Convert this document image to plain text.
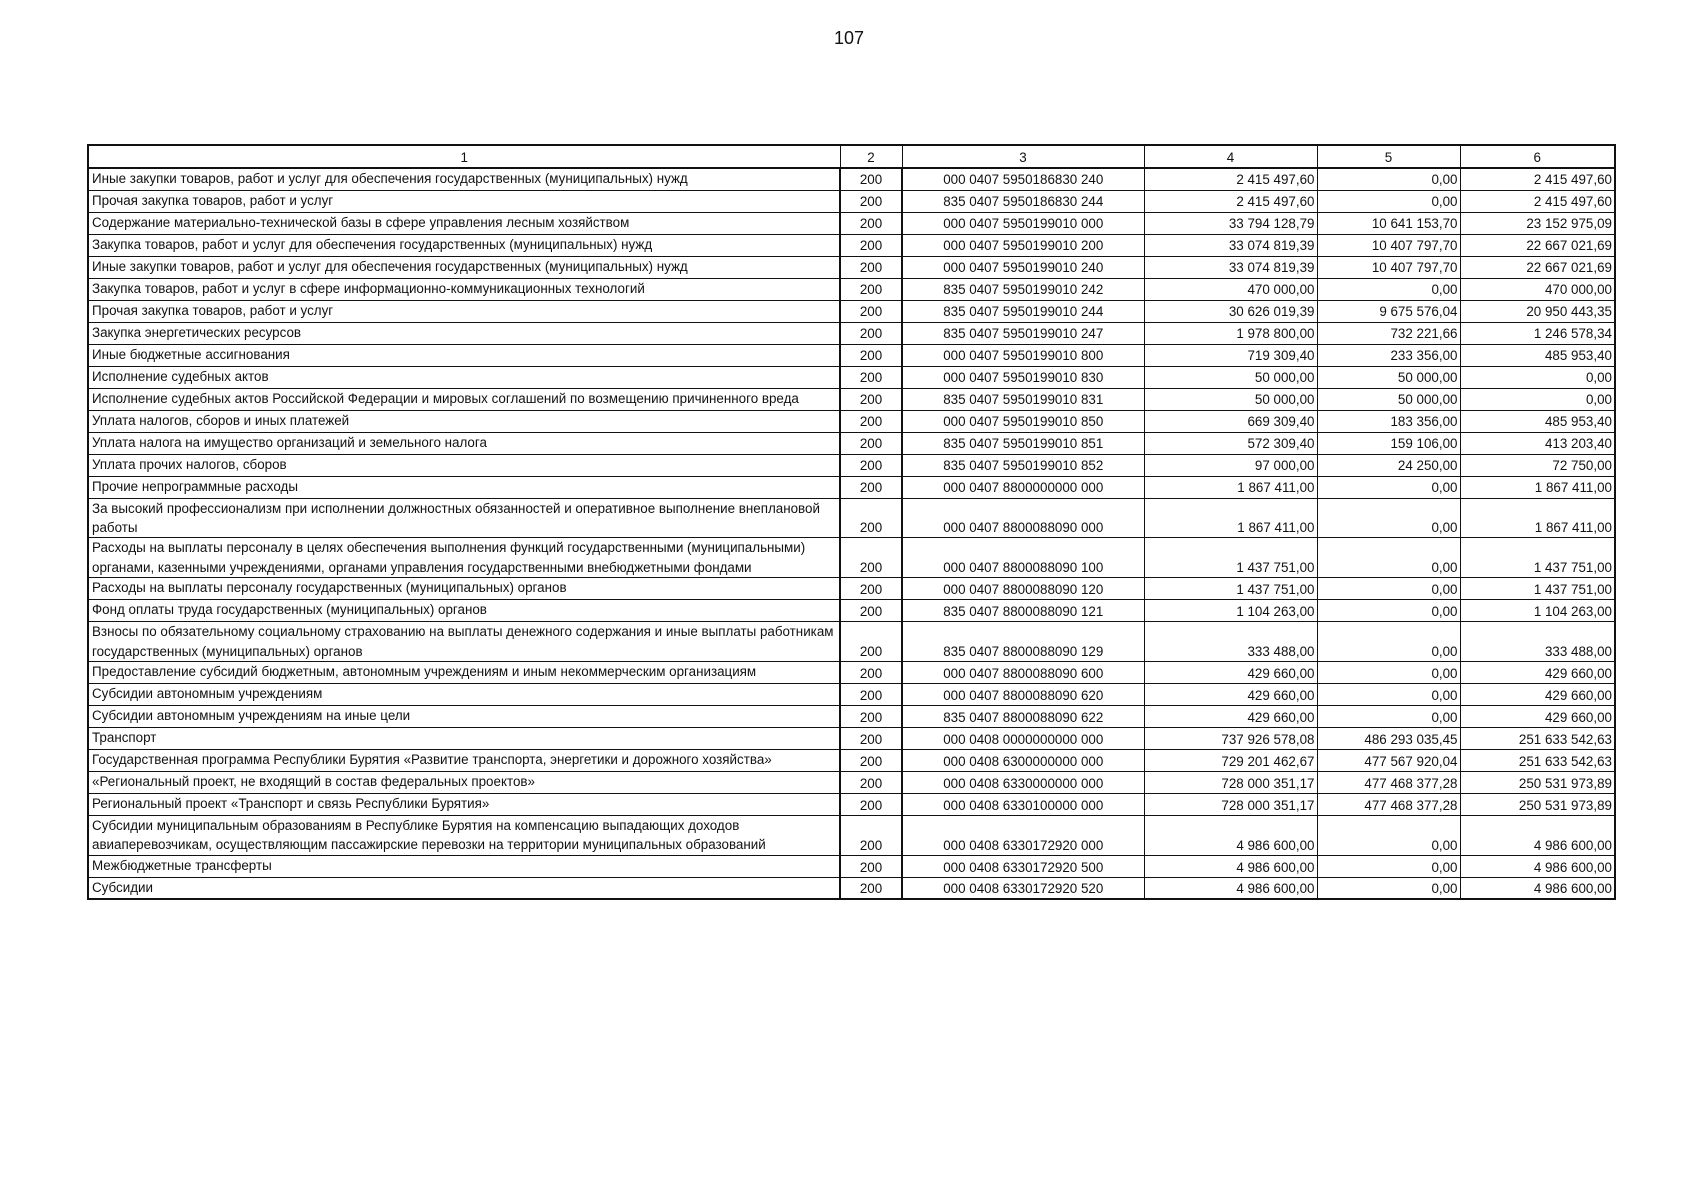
107
1	2	3	4	5	6
Иные закупки товаров, работ и услуг для обеспечения государственных (муниципальных) нужд	200	000 0407 5950186830 240	2 415 497,60	0,00	2 415 497,60
Прочая закупка товаров, работ и услуг	200	835 0407 5950186830 244	2 415 497,60	0,00	2 415 497,60
Содержание материально-технической базы в сфере управления лесным хозяйством	200	000 0407 5950199010 000	33 794 128,79	10 641 153,70	23 152 975,09
Закупка товаров, работ и услуг для обеспечения государственных (муниципальных) нужд	200	000 0407 5950199010 200	33 074 819,39	10 407 797,70	22 667 021,69
Иные закупки товаров, работ и услуг для обеспечения государственных (муниципальных) нужд	200	000 0407 5950199010 240	33 074 819,39	10 407 797,70	22 667 021,69
Закупка товаров, работ и услуг в сфере информационно-коммуникационных технологий	200	835 0407 5950199010 242	470 000,00	0,00	470 000,00
Прочая закупка товаров, работ и услуг	200	835 0407 5950199010 244	30 626 019,39	9 675 576,04	20 950 443,35
Закупка энергетических ресурсов	200	835 0407 5950199010 247	1 978 800,00	732 221,66	1 246 578,34
Иные бюджетные ассигнования	200	000 0407 5950199010 800	719 309,40	233 356,00	485 953,40
Исполнение судебных актов	200	000 0407 5950199010 830	50 000,00	50 000,00	0,00
Исполнение судебных актов Российской Федерации и мировых соглашений по возмещению причиненного вреда	200	835 0407 5950199010 831	50 000,00	50 000,00	0,00
Уплата налогов, сборов и иных платежей	200	000 0407 5950199010 850	669 309,40	183 356,00	485 953,40
Уплата налога на имущество организаций и земельного налога	200	835 0407 5950199010 851	572 309,40	159 106,00	413 203,40
Уплата прочих налогов, сборов	200	835 0407 5950199010 852	97 000,00	24 250,00	72 750,00
Прочие непрограммные расходы	200	000 0407 8800000000 000	1 867 411,00	0,00	1 867 411,00
За высокий профессионализм при исполнении должностных обязанностей и оперативное выполнение внеплановой работы	200	000 0407 8800088090 000	1 867 411,00	0,00	1 867 411,00
Расходы на выплаты персоналу в целях обеспечения выполнения функций государственными (муниципальными) органами, казенными учреждениями, органами управления государственными внебюджетными фондами	200	000 0407 8800088090 100	1 437 751,00	0,00	1 437 751,00
Расходы на выплаты персоналу государственных (муниципальных) органов	200	000 0407 8800088090 120	1 437 751,00	0,00	1 437 751,00
Фонд оплаты труда государственных (муниципальных) органов	200	835 0407 8800088090 121	1 104 263,00	0,00	1 104 263,00
Взносы по обязательному социальному страхованию на выплаты денежного содержания и иные выплаты работникам государственных (муниципальных) органов	200	835 0407 8800088090 129	333 488,00	0,00	333 488,00
Предоставление субсидий бюджетным, автономным учреждениям и иным некоммерческим организациям	200	000 0407 8800088090 600	429 660,00	0,00	429 660,00
Субсидии автономным учреждениям	200	000 0407 8800088090 620	429 660,00	0,00	429 660,00
Субсидии автономным учреждениям на иные цели	200	835 0407 8800088090 622	429 660,00	0,00	429 660,00
Транспорт	200	000 0408 0000000000 000	737 926 578,08	486 293 035,45	251 633 542,63
Государственная программа Республики Бурятия «Развитие транспорта, энергетики и дорожного хозяйства»	200	000 0408 6300000000 000	729 201 462,67	477 567 920,04	251 633 542,63
«Региональный проект, не входящий в состав федеральных проектов»	200	000 0408 6330000000 000	728 000 351,17	477 468 377,28	250 531 973,89
Региональный проект «Транспорт и связь Республики Бурятия»	200	000 0408 6330100000 000	728 000 351,17	477 468 377,28	250 531 973,89
Субсидии муниципальным образованиям в Республике Бурятия на компенсацию выпадающих доходов авиаперевозчикам, осуществляющим пассажирские перевозки на территории муниципальных образований	200	000 0408 6330172920 000	4 986 600,00	0,00	4 986 600,00
Межбюджетные трансферты	200	000 0408 6330172920 500	4 986 600,00	0,00	4 986 600,00
Субсидии	200	000 0408 6330172920 520	4 986 600,00	0,00	4 986 600,00
